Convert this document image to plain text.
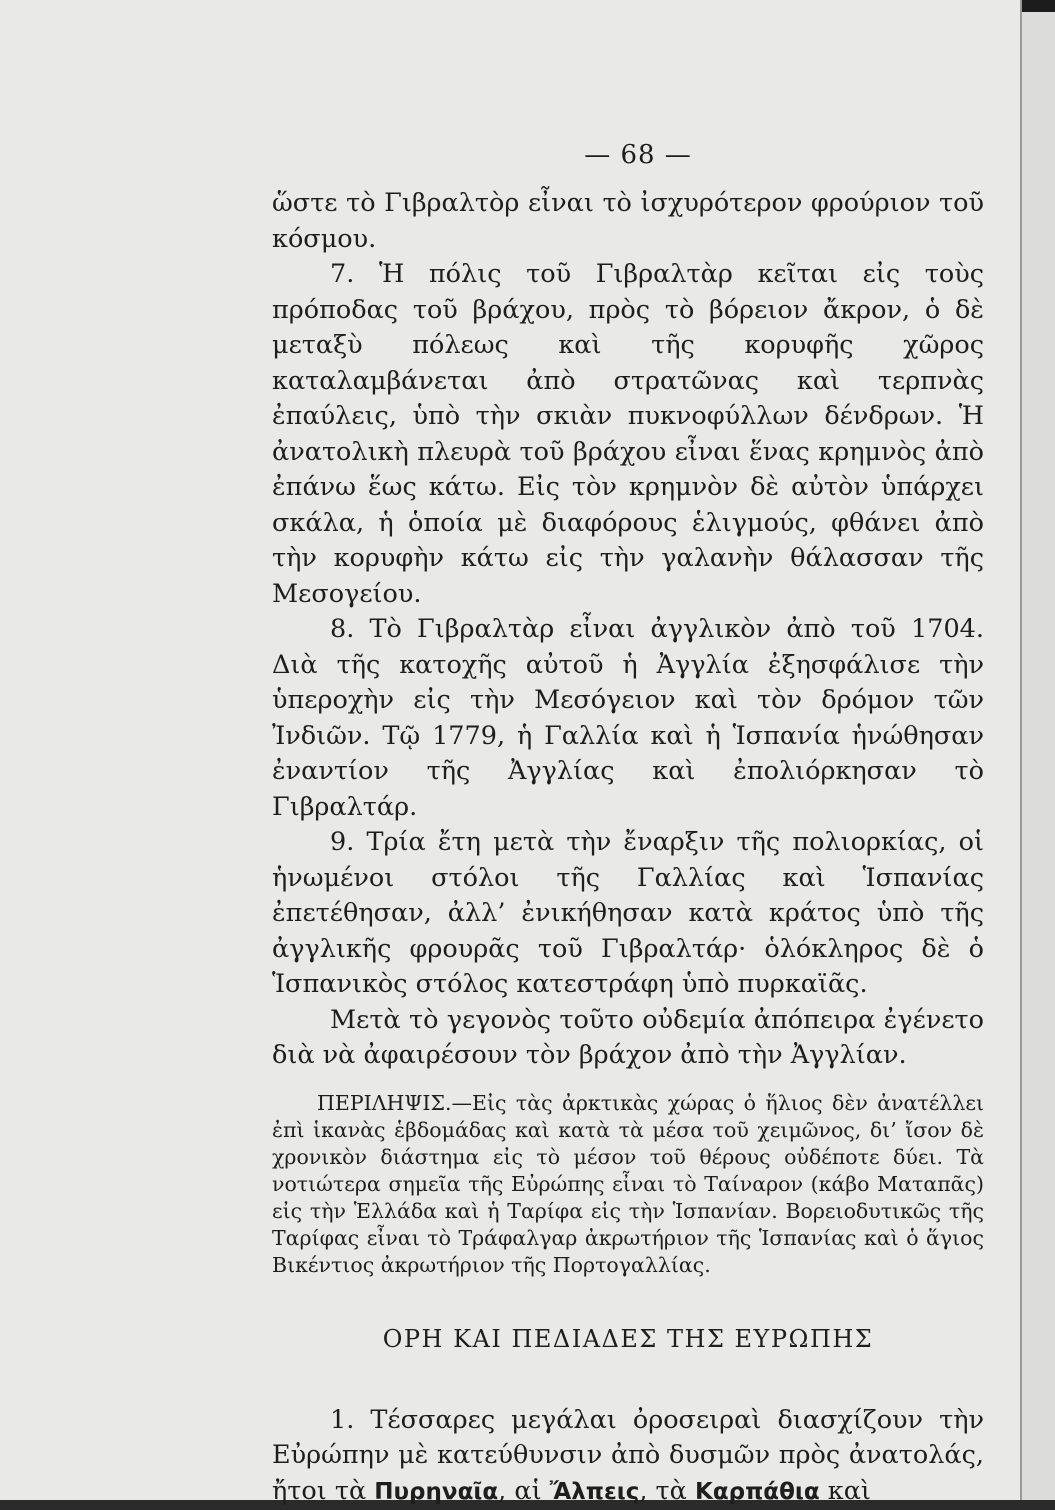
— 68 —

ὥστε τὸ Γιβραλτὸρ εἶναι τὸ ἰσχυρότερον φρούριον τοῦ κόσμου.

7. Ἡ πόλις τοῦ Γιβραλτὰρ κεῖται εἰς τοὺς πρόποδας τοῦ βράχου, πρὸς τὸ βόρειον ἄκρον, ὁ δὲ μεταξὺ πόλεως καὶ τῆς κορυφῆς χῶρος καταλαμβάνεται ἀπὸ στρατῶνας καὶ τερπνὰς ἐπαύλεις, ὑπὸ τὴν σκιὰν πυκνοφύλλων δένδρων. Ἡ ἀνατολικὴ πλευρὰ τοῦ βράχου εἶναι ἕνας κρημνὸς ἀπὸ ἐπάνω ἕως κάτω. Εἰς τὸν κρημνὸν δὲ αὐτὸν ὑπάρχει σκάλα, ἡ ὁποία μὲ διαφόρους ἑλιγμούς, φθάνει ἀπὸ τὴν κορυφὴν κάτω εἰς τὴν γαλανὴν θάλασσαν τῆς Μεσογείου.

8. Τὸ Γιβραλτὰρ εἶναι ἀγγλικὸν ἀπὸ τοῦ 1704. Διὰ τῆς κατοχῆς αὐτοῦ ἡ Ἀγγλία ἐξησφάλισε τὴν ὑπεροχὴν εἰς τὴν Μεσόγειον καὶ τὸν δρόμον τῶν Ἰνδιῶν. Τῷ 1779, ἡ Γαλλία καὶ ἡ Ἱσπανία ἡνώθησαν ἐναντίον τῆς Ἀγγλίας καὶ ἐπολιόρκησαν τὸ Γιβραλτάρ.

9. Τρία ἔτη μετὰ τὴν ἔναρξιν τῆς πολιορκίας, οἱ ἡνωμένοι στόλοι τῆς Γαλλίας καὶ Ἱσπανίας ἐπετέθησαν, ἀλλ’ ἐνικήθησαν κατὰ κράτος ὑπὸ τῆς ἀγγλικῆς φρουρᾶς τοῦ Γιβραλτάρ· ὁλόκληρος δὲ ὁ Ἱσπανικὸς στόλος κατεστράφη ὑπὸ πυρκαϊᾶς.

Μετὰ τὸ γεγονὸς τοῦτο οὐδεμία ἀπόπειρα ἐγένετο διὰ νὰ ἀφαιρέσουν τὸν βράχον ἀπὸ τὴν Ἀγγλίαν.

ΠΕΡΙΛΗΨΙΣ.—Εἰς τὰς ἀρκτικὰς χώρας ὁ ἥλιος δὲν ἀνατέλλει ἐπὶ ἱκανὰς ἑβδομάδας καὶ κατὰ τὰ μέσα τοῦ χειμῶνος, δι’ ἴσον δὲ χρονικὸν διάστημα εἰς τὸ μέσον τοῦ θέρους οὐδέποτε δύει. Τὰ νοτιώτερα σημεῖα τῆς Εὐρώπης εἶναι τὸ Ταίναρον (κάβο Ματαπᾶς) εἰς τὴν Ἑλλάδα καὶ ἡ Ταρίφα εἰς τὴν Ἱσπανίαν. Βορειοδυτικῶς τῆς Ταρίφας εἶναι τὸ Τράφαλγαρ ἀκρωτήριον τῆς Ἱσπανίας καὶ ὁ ἅγιος Βικέντιος ἀκρωτήριον τῆς Πορτογαλλίας.

ΟΡΗ ΚΑΙ ΠΕΔΙΑΔΕΣ ΤΗΣ ΕΥΡΩΠΗΣ

1. Τέσσαρες μεγάλαι ὀροσειραὶ διασχίζουν τὴν Εὐρώπην μὲ κατεύθυνσιν ἀπὸ δυσμῶν πρὸς ἀνατολάς, ἤτοι τὰ Πυρηναῖα, αἱ Ἄλπεις, τὰ Καρπάθια καὶ
